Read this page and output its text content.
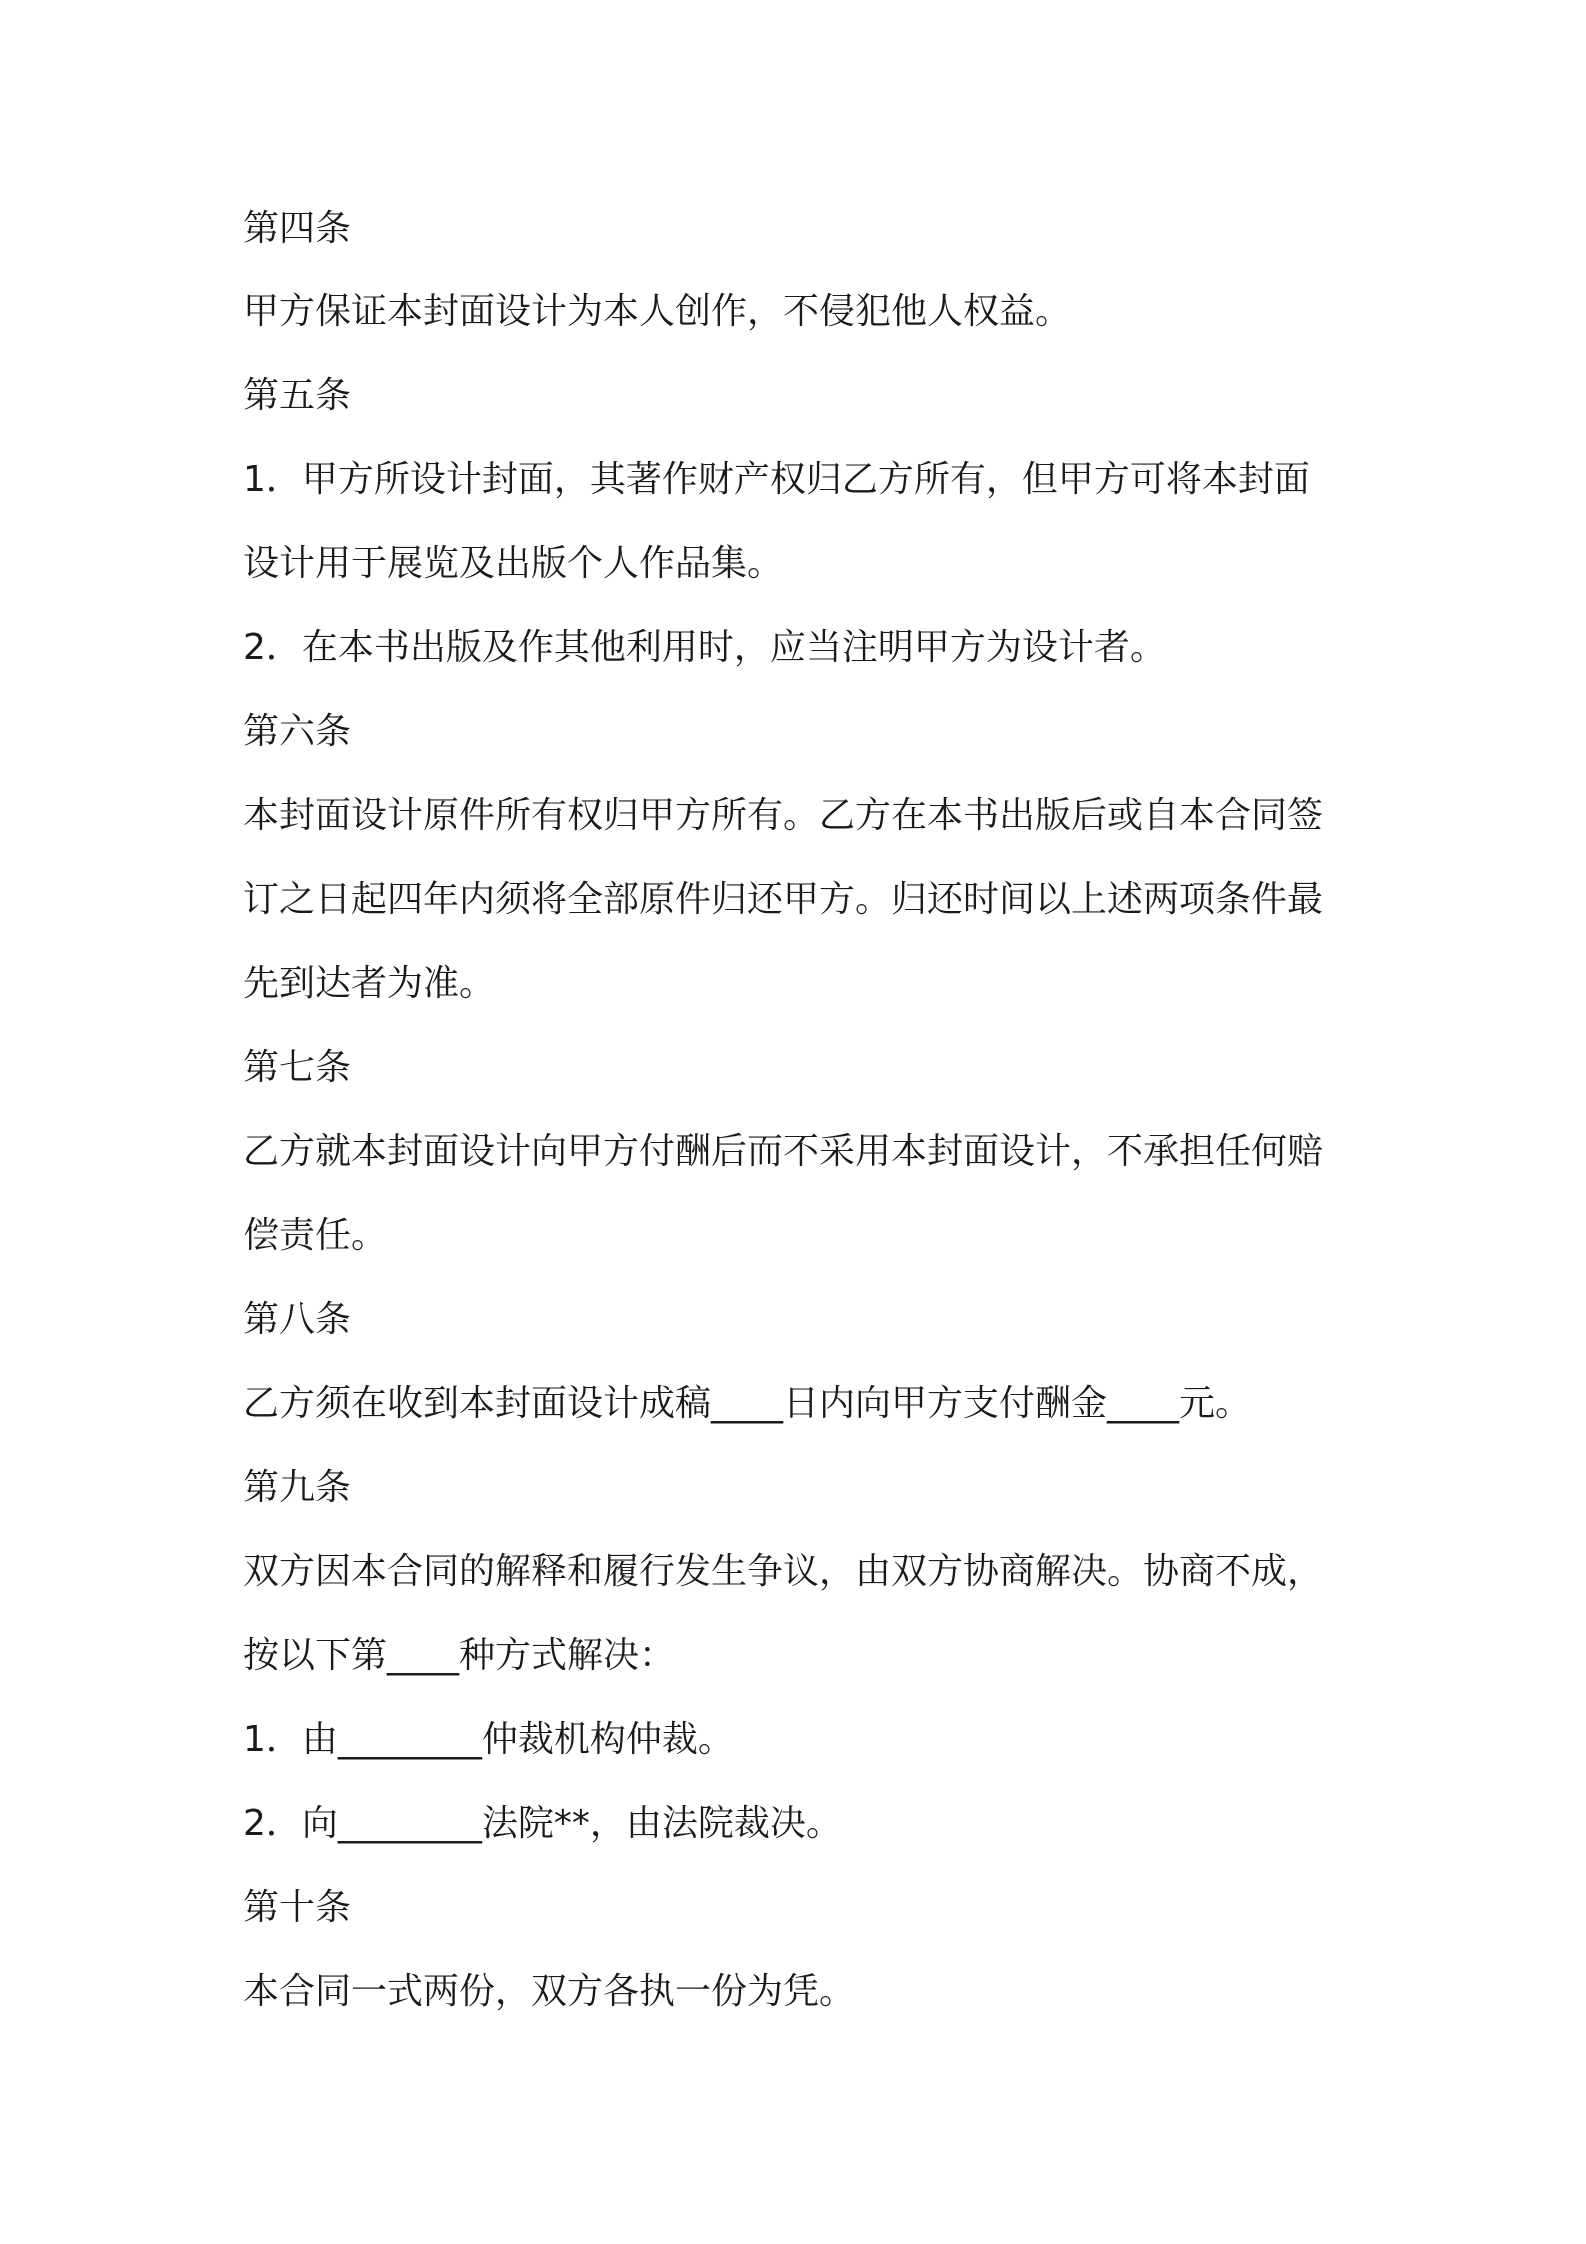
第四条
甲方保证本封面设计为本人创作，不侵犯他人权益。
第五条
1．甲方所设计封面，其著作财产权归乙方所有，但甲方可将本封面
设计用于展览及出版个人作品集。
2．在本书出版及作其他利用时，应当注明甲方为设计者。
第六条
本封面设计原件所有权归甲方所有。乙方在本书出版后或自本合同签
订之日起四年内须将全部原件归还甲方。归还时间以上述两项条件最
先到达者为准。
第七条
乙方就本封面设计向甲方付酬后而不采用本封面设计，不承担任何赔
偿责任。
第八条
乙方须在收到本封面设计成稿____日内向甲方支付酬金____元。
第九条
双方因本合同的解释和履行发生争议，由双方协商解决。协商不成，
按以下第____种方式解决：
1．由________仲裁机构仲裁。
2．向________法院**，由法院裁决。
第十条
本合同一式两份，双方各执一份为凭。
